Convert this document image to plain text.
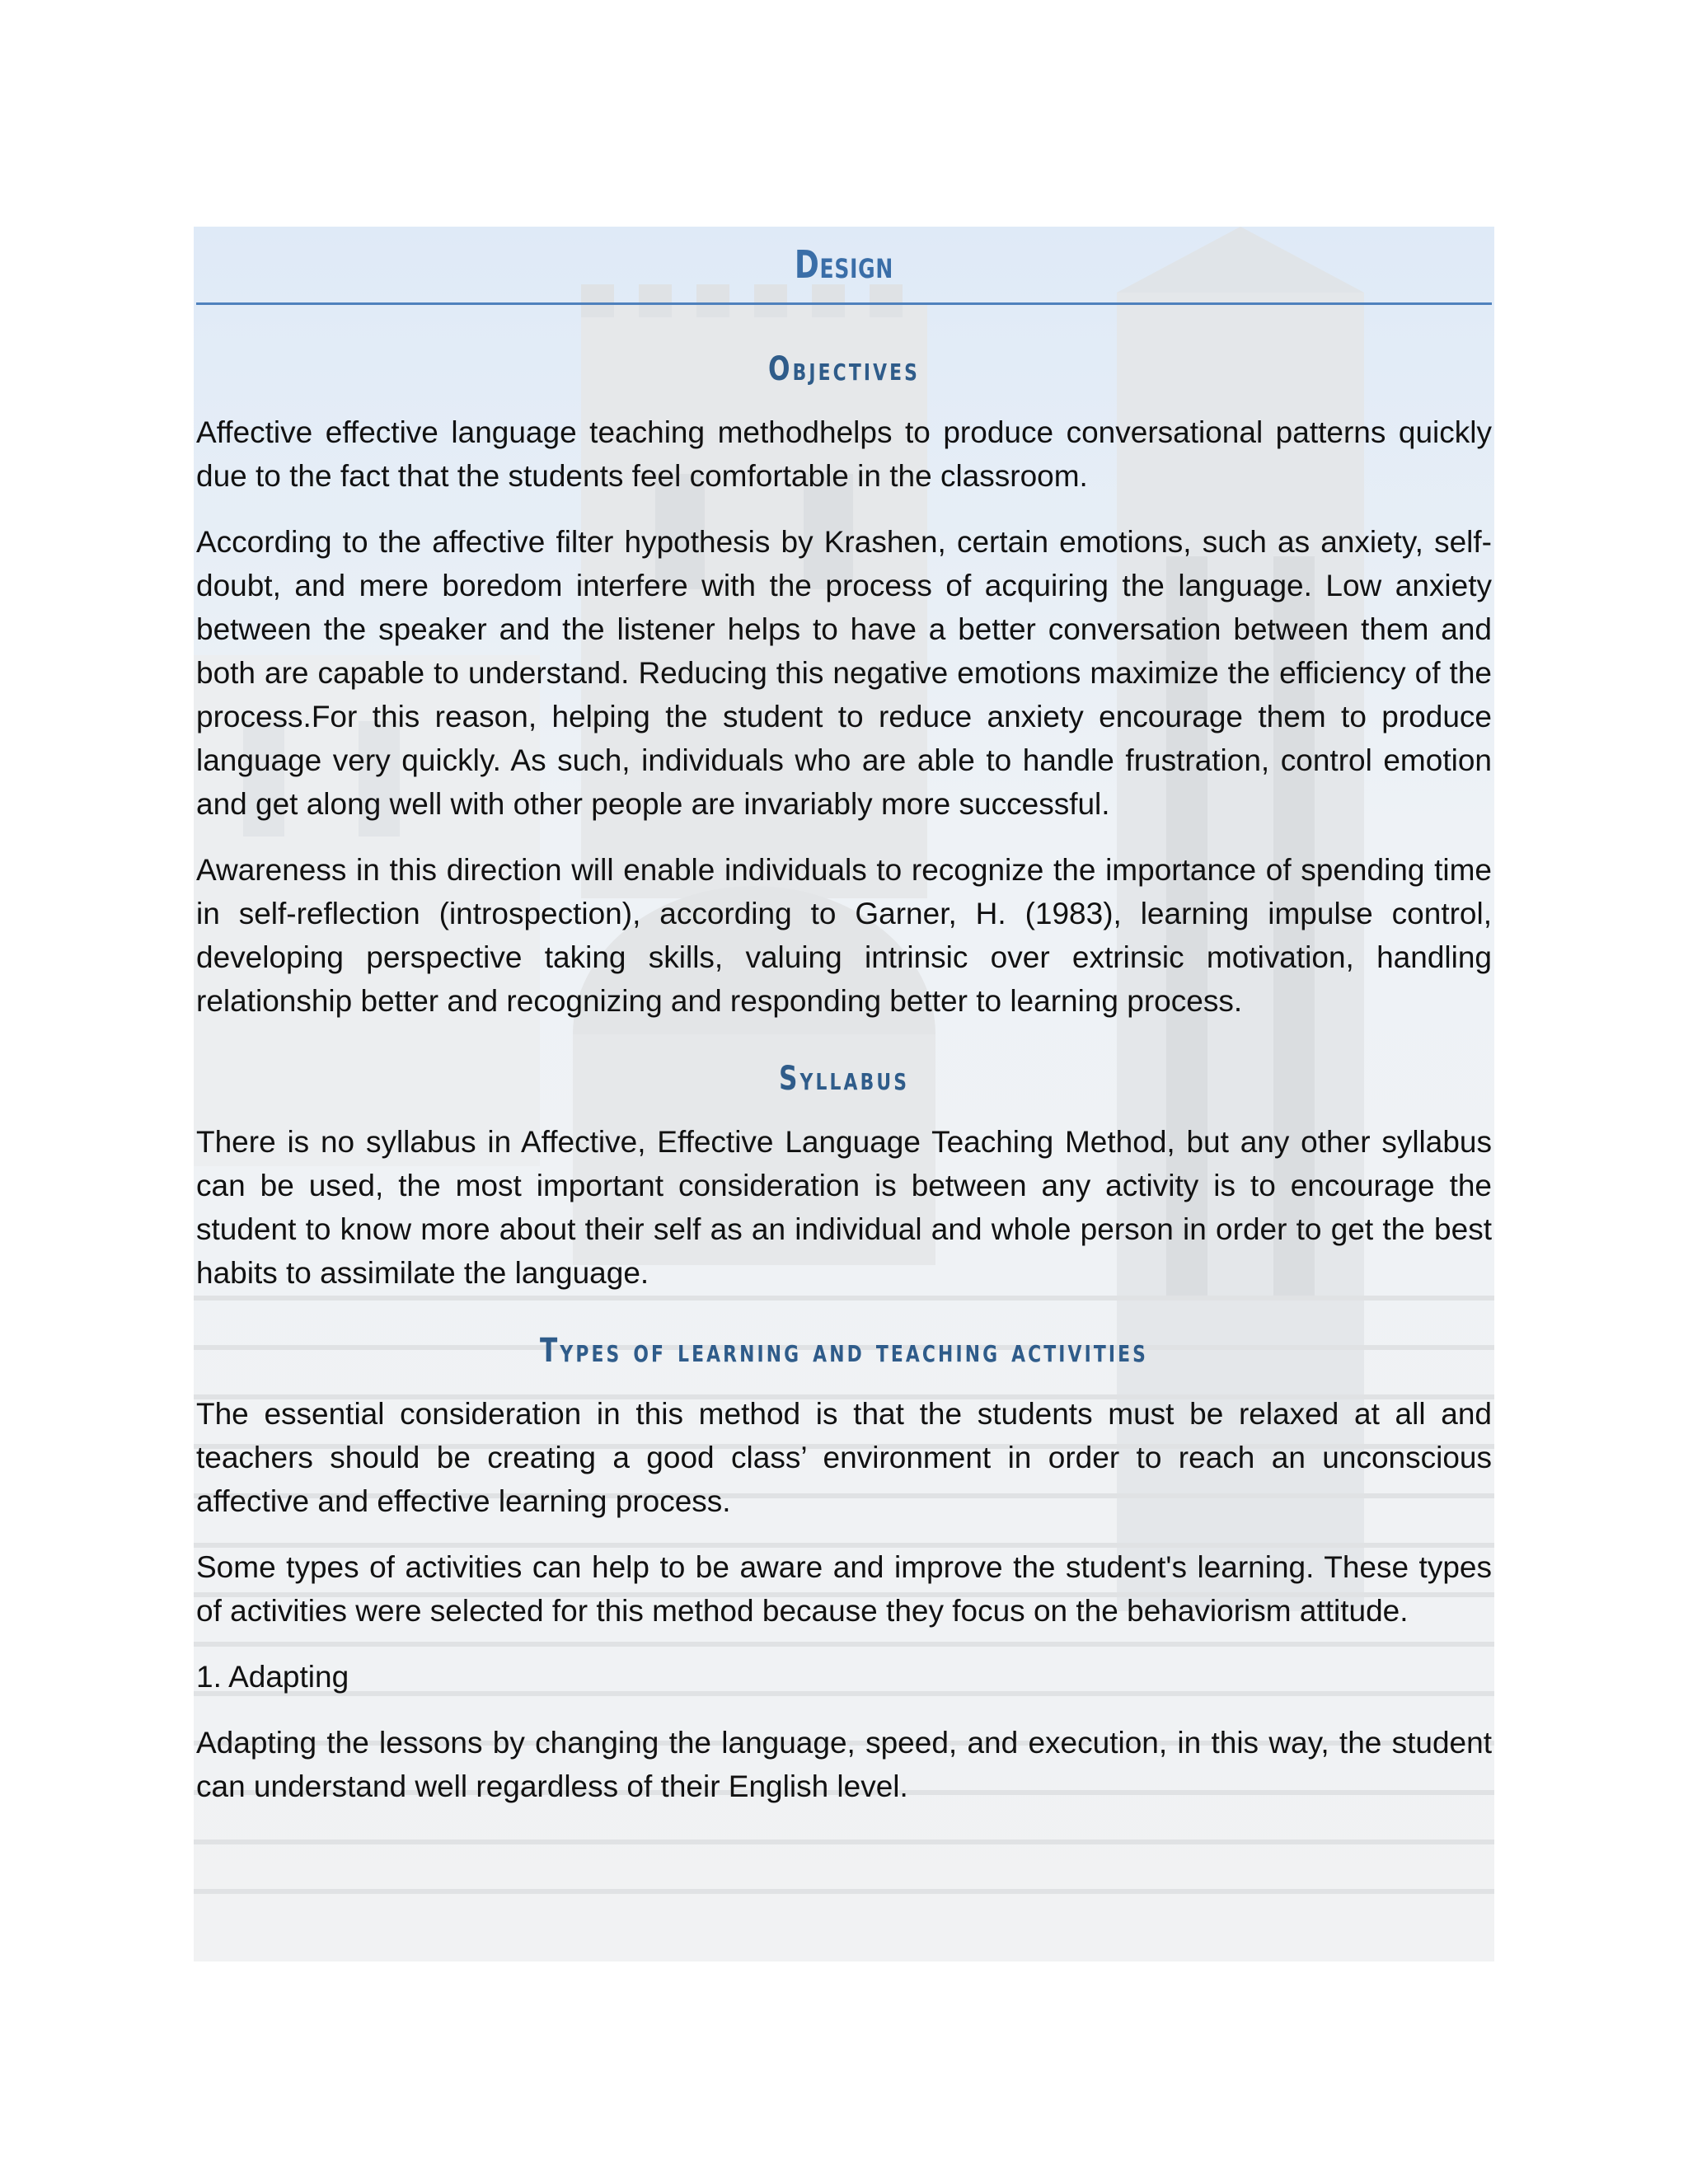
Design
Objectives

Affective effective language teaching methodhelps to produce conversational patterns quickly due to the fact that the students feel comfortable in the classroom.

According to the affective filter hypothesis by Krashen, certain emotions, such as anxiety, self-doubt, and mere boredom interfere with the process of acquiring the language. Low anxiety between the speaker and the listener helps to have a better conversation between them and both are capable to understand. Reducing this negative emotions maximize the efficiency of the process.For this reason, helping the student to reduce anxiety encourage them to produce language very quickly. As such, individuals who are able to handle frustration, control emotion and get along well with other people are invariably more successful.

Awareness in this direction will enable individuals to recognize the importance of spending time in self-reflection (introspection), according to Garner, H. (1983), learning impulse control, developing perspective taking skills, valuing intrinsic over extrinsic motivation, handling relationship better and recognizing and responding better to learning process.

Syllabus

There is no syllabus in Affective, Effective Language Teaching Method, but any other syllabus can be used, the most important consideration is between any activity is to encourage the student to know more about their self as an individual and whole person in order to get the best habits to assimilate the language.

Types of learning and teaching activities

The essential consideration in this method is that the students must be relaxed at all and teachers should be creating a good class’ environment in order to reach an unconscious affective and effective learning process.

Some types of activities can help to be aware and improve the student's learning. These types of activities were selected for this method because they focus on the behaviorism attitude.

1. Adapting

Adapting the lessons by changing the language, speed, and execution, in this way, the student can understand well regardless of their English level.
